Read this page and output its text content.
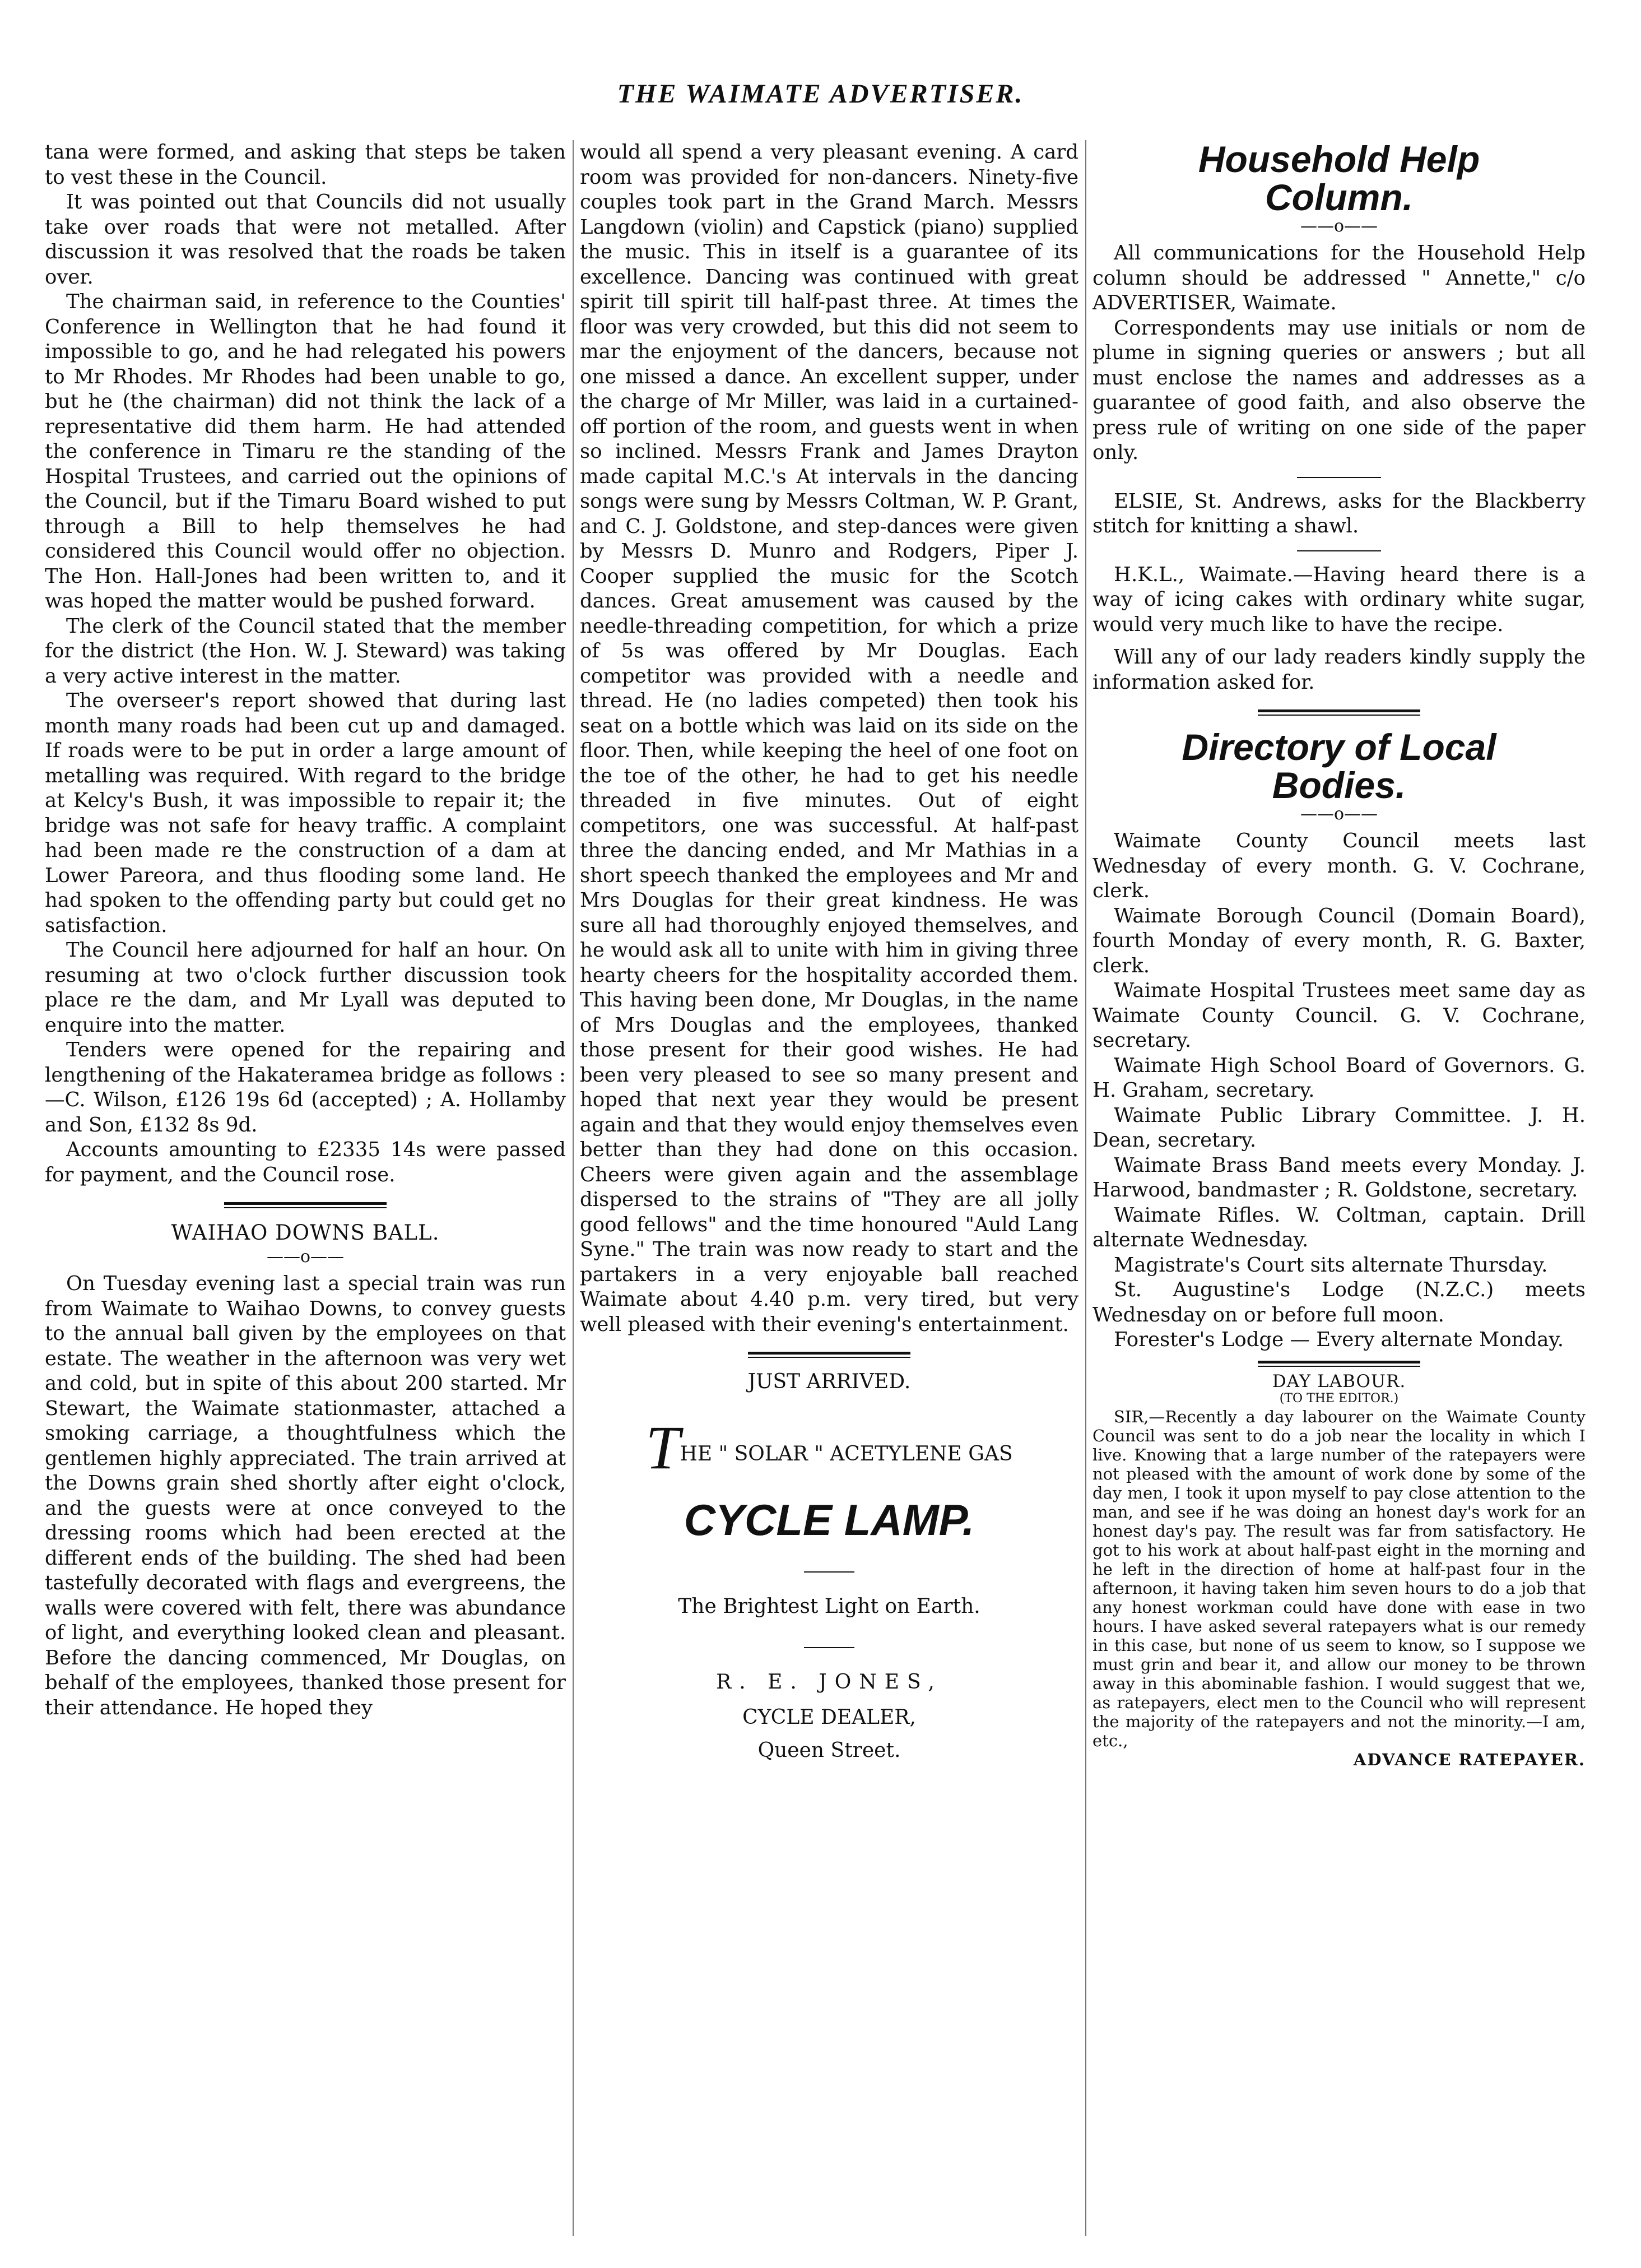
THE WAIMATE ADVERTISER.

tana were formed, and asking that steps be taken to vest these in the Council.

It was pointed out that Councils did not usually take over roads that were not metalled. After discussion it was resolved that the roads be taken over.

The chairman said, in reference to the Counties' Conference in Wellington that he had found it impossible to go, and he had relegated his powers to Mr Rhodes. Mr Rhodes had been unable to go, but he (the chairman) did not think the lack of a representative did them harm. He had attended the conference in Timaru re the standing of the Hospital Trustees, and carried out the opinions of the Council, but if the Timaru Board wished to put through a Bill to help themselves he had considered this Council would offer no objection. The Hon. Hall-Jones had been written to, and it was hoped the matter would be pushed forward.

The clerk of the Council stated that the member for the district (the Hon. W. J. Steward) was taking a very active interest in the matter.

The overseer's report showed that during last month many roads had been cut up and damaged. If roads were to be put in order a large amount of metalling was required. With regard to the bridge at Kelcy's Bush, it was impossible to repair it; the bridge was not safe for heavy traffic. A complaint had been made re the construction of a dam at Lower Pareora, and thus flooding some land. He had spoken to the offending party but could get no satisfaction.

The Council here adjourned for half an hour. On resuming at two o'clock further discussion took place re the dam, and Mr Lyall was deputed to enquire into the matter.

Tenders were opened for the repairing and lengthening of the Hakateramea bridge as follows :—C. Wilson, £126 19s 6d (accepted) ; A. Hollamby and Son, £132 8s 9d.

Accounts amounting to £2335 14s were passed for payment, and the Council rose.

WAIHAO DOWNS BALL.
——o——

On Tuesday evening last a special train was run from Waimate to Waihao Downs, to convey guests to the annual ball given by the employees on that estate. The weather in the afternoon was very wet and cold, but in spite of this about 200 started. Mr Stewart, the Waimate stationmaster, attached a smoking carriage, a thoughtfulness which the gentlemen highly appreciated. The train arrived at the Downs grain shed shortly after eight o'clock, and the guests were at once conveyed to the dressing rooms which had been erected at the different ends of the building. The shed had been tastefully decorated with flags and evergreens, the walls were covered with felt, there was abundance of light, and everything looked clean and pleasant. Before the dancing commenced, Mr Douglas, on behalf of the employees, thanked those present for their attendance. He hoped they

would all spend a very pleasant evening. A card room was provided for non-dancers. Ninety-five couples took part in the Grand March. Messrs Langdown (violin) and Capstick (piano) supplied the music. This in itself is a guarantee of its excellence. Dancing was continued with great spirit till spirit till half-past three. At times the floor was very crowded, but this did not seem to mar the enjoyment of the dancers, because not one missed a dance. An excellent supper, under the charge of Mr Miller, was laid in a curtained-off portion of the room, and guests went in when so inclined. Messrs Frank and James Drayton made capital M.C.'s At intervals in the dancing songs were sung by Messrs Coltman, W. P. Grant, and C. J. Goldstone, and step-dances were given by Messrs D. Munro and Rodgers, Piper J. Cooper supplied the music for the Scotch dances. Great amusement was caused by the needle-threading competition, for which a prize of 5s was offered by Mr Douglas. Each competitor was provided with a needle and thread. He (no ladies competed) then took his seat on a bottle which was laid on its side on the floor. Then, while keeping the heel of one foot on the toe of the other, he had to get his needle threaded in five minutes. Out of eight competitors, one was successful. At half-past three the dancing ended, and Mr Mathias in a short speech thanked the employees and Mr and Mrs Douglas for their great kindness. He was sure all had thoroughly enjoyed themselves, and he would ask all to unite with him in giving three hearty cheers for the hospitality accorded them. This having been done, Mr Douglas, in the name of Mrs Douglas and the employees, thanked those present for their good wishes. He had been very pleased to see so many present and hoped that next year they would be present again and that they would enjoy themselves even better than they had done on this occasion. Cheers were given again and the assemblage dispersed to the strains of "They are all jolly good fellows" and the time honoured "Auld Lang Syne." The train was now ready to start and the partakers in a very enjoyable ball reached Waimate about 4.40 p.m. very tired, but very well pleased with their evening's entertainment.

JUST ARRIVED.
THE " SOLAR " ACETYLENE GAS
CYCLE LAMP.
The Brightest Light on Earth.
R. E. JONES,
CYCLE DEALER,
Queen Street.
Household Help
Column.
——o——

All communications for the Household Help column should be addressed " Annette," c/o ADVERTISER, Waimate.

Correspondents may use initials or nom de plume in signing queries or answers ; but all must enclose the names and addresses as a guarantee of good faith, and also observe the press rule of writing on one side of the paper only.

ELSIE, St. Andrews, asks for the Blackberry stitch for knitting a shawl.

H.K.L., Waimate.—Having heard there is a way of icing cakes with ordinary white sugar, would very much like to have the recipe.

Will any of our lady readers kindly supply the information asked for.

Directory of Local
Bodies.
——o——

Waimate County Council meets last Wednesday of every month. G. V. Cochrane, clerk.

Waimate Borough Council (Domain Board), fourth Monday of every month, R. G. Baxter, clerk.

Waimate Hospital Trustees meet same day as Waimate County Council. G. V. Cochrane, secretary.

Waimate High School Board of Governors. G. H. Graham, secretary.

Waimate Public Library Committee. J. H. Dean, secretary.

Waimate Brass Band meets every Monday. J. Harwood, bandmaster ; R. Goldstone, secretary.

Waimate Rifles. W. Coltman, captain. Drill alternate Wednesday.

Magistrate's Court sits alternate Thursday.

St. Augustine's Lodge (N.Z.C.) meets Wednesday on or before full moon.

Forester's Lodge — Every alternate Monday.

DAY LABOUR.
(TO THE EDITOR.)

SIR,—Recently a day labourer on the Waimate County Council was sent to do a job near the locality in which I live. Knowing that a large number of the ratepayers were not pleased with the amount of work done by some of the day men, I took it upon myself to pay close attention to the man, and see if he was doing an honest day's work for an honest day's pay. The result was far from satisfactory. He got to his work at about half-past eight in the morning and he left in the direction of home at half-past four in the afternoon, it having taken him seven hours to do a job that any honest workman could have done with ease in two hours. I have asked several ratepayers what is our remedy in this case, but none of us seem to know, so I suppose we must grin and bear it, and allow our money to be thrown away in this abominable fashion. I would suggest that we, as ratepayers, elect men to the Council who will represent the majority of the ratepayers and not the minority.—I am, etc.,

ADVANCE RATEPAYER.
